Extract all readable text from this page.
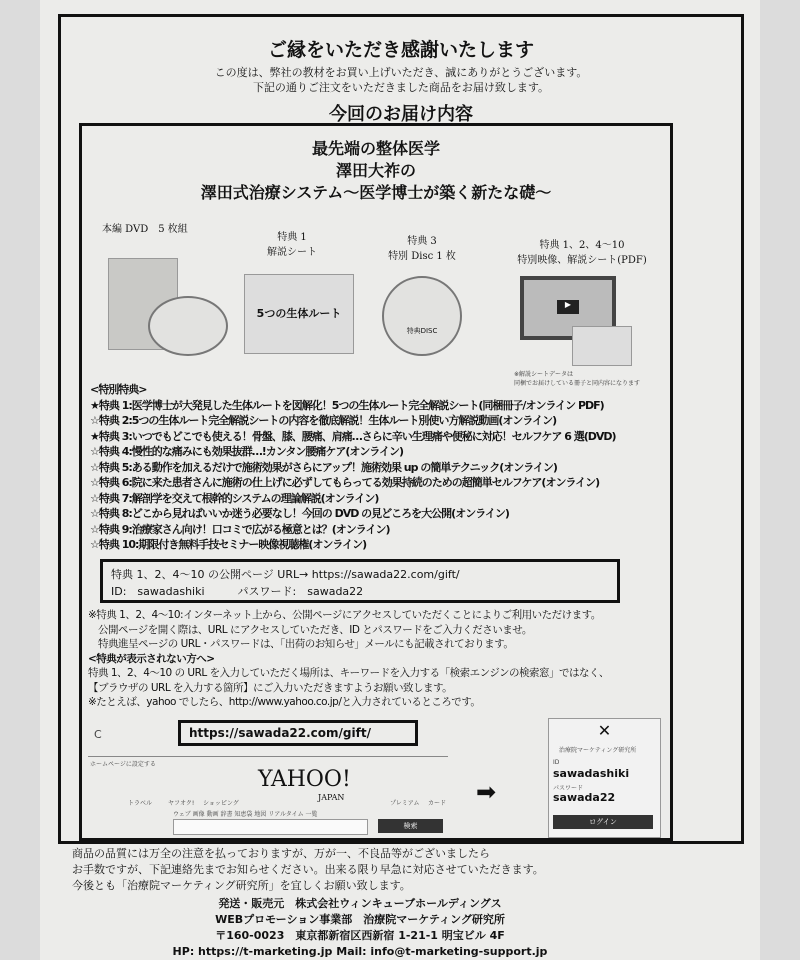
ご縁をいただき感謝いたします
この度は、弊社の教材をお買い上げいただき、誠にありがとうございます。
下記の通りご注文をいただきました商品をお届け致します。
今回のお届け内容
最先端の整体医学
澤田大祚の
澤田式治療システム～医学博士が築く新たな礎～
本編 DVD　5 枚組
特典 1
解説シート
特典 3
特別 Disc 1 枚
特典 1、2、4～10
特別映像、解説シート(PDF)
5つの生体ルート
特典DISC
▶
※解説シートデータは
同梱でお届けしている冊子と同内容になります
<特別特典>
★特典 1:医学博士が大発見した生体ルートを図解化！5つの生体ルート完全解説シート(同梱冊子/オンライン PDF)
☆特典 2:5つの生体ルート完全解説シートの内容を徹底解説！生体ルート別使い方解説動画(オンライン)
★特典 3:いつでもどこでも使える！骨盤、膝、腰痛、肩痛…さらに辛い生理痛や便秘に対応！セルフケア 6 選(DVD)
☆特典 4:慢性的な痛みにも効果抜群…!カンタン腰痛ケア(オンライン)
☆特典 5:ある動作を加えるだけで施術効果がさらにアップ！施術効果 up の簡単テクニック(オンライン)
☆特典 6:院に来た患者さんに施術の仕上げに必ずしてもらってる効果持続のための超簡単セルフケア(オンライン)
☆特典 7:解剖学を交えて根幹的システムの理論解説(オンライン)
☆特典 8:どこから見ればいいか迷う必要なし！今回の DVD の見どころを大公開(オンライン)
☆特典 9:治療家さん向け！口コミで広がる極意とは？(オンライン)
☆特典 10:期限付き無料手技セミナー映像視聴権(オンライン)
特典 1、2、4～10 の公開ページ URL→ https://sawada22.com/gift/
ID:　sawadashiki　　　パスワード:　sawada22
※特典 1、2、4～10:インターネット上から、公開ページにアクセスしていただくことによりご利用いただけます。
　公開ページを開く際は、URL にアクセスしていただき、ID とパスワードをご入力くださいませ。
　特典進呈ページの URL・パスワードは、「出荷のお知らせ」メールにも記載されております。
<特典が表示されない方へ>
特典 1、2、4～10 の URL を入力していただく場所は、キーワードを入力する「検索エンジンの検索窓」ではなく、
【ブラウザの URL を入力する箇所】にご入力いただきますようお願い致します。
※たとえば、yahoo でしたら、http://www.yahoo.co.jp/と入力されているところです。
C	https://sawada22.com/gift/
ホームページに設定する
トラベル	ヤフオク! ショッピング
YAHOO!
JAPAN
プレミアム カード
ウェブ 画像 動画 辞書 知恵袋 地図 リアルタイム 一覧
検索
➡
✕
治療院マーケティング研究所
ID
sawadashiki
パスワード
sawada22
ログイン
商品の品質には万全の注意を払っておりますが、万が一、不良品等がございましたら
お手数ですが、下記連絡先までお知らせください。出来る限り早急に対応させていただきます。
今後とも「治療院マーケティング研究所」を宜しくお願い致します。
発送・販売元　株式会社ウィンキューブホールディングス
WEBプロモーション事業部　治療院マーケティング研究所
〒160-0023　東京都新宿区西新宿 1-21-1 明宝ビル 4F
HP: https://t-marketing.jp Mail: info@t-marketing-support.jp
